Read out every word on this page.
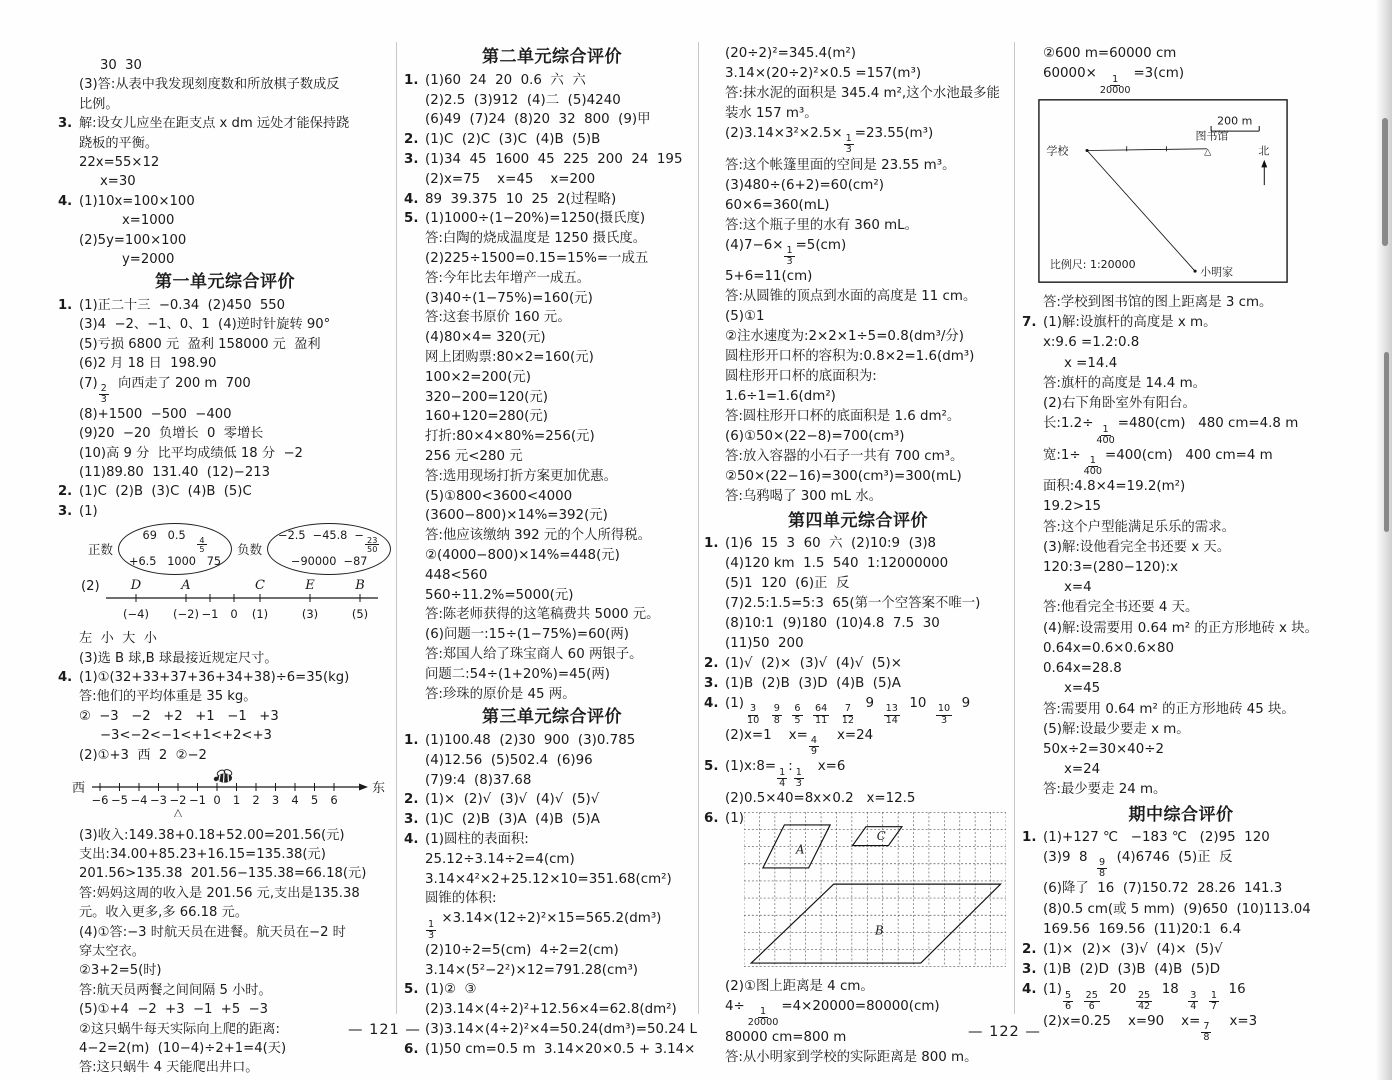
30  30
(3)答:从表中我发现刻度数和所放棋子数成反
比例。
3. 解:设女儿应坐在距支点 x dm 远处才能保持跷
跷板的平衡。
22x=55×12
x=30
4. (1)10x=100×100
x=1000
(2)5y=100×100
y=2000
第一单元综合评价
1. (1)正二十三  −0.34  (2)450  550
(3)4  −2、−1、0、1  (4)逆时针旋转 90°
(5)亏损 6800 元  盈利 158000 元  盈利
(6)2 月 18 日  198.90
(7)
$\frac{2}{3}$
向西走了 200 m  700
(8)+1500  −500  −400
(9)20  −20  负增长  0  零增长
(10)高 9 分  比平均成绩低 18 分  −2
(11)89.80  131.40  (12)−213
2. (1)C  (2)B  (3)C  (4)B  (5)C
3. (1)
正数
69   0.5
$\frac{4}{5}$
+6.5   1000   75
负数
−2.5  −45.8  −
$\frac{23}{50}$
−90000  −87
(2) D	A	C	E	B
(−4) (−2) −1 0 (1)	(3)	(5)
左  小  大  小
(3)选 B 球,B 球最接近规定尺寸。
4. (1)①(32+33+37+36+34+38)÷6=35(kg)
答:他们的平均体重是 35 kg。
②  −3   −2   +2   +1   −1   +3
−3<−2<−1<+1<+2<+3
(2)①+3  西  2  ②−2
西	东
−6 −5 −4 −3 −2 −1 0 1 2 3 4 5 6
△
(3)收入:149.38+0.18+52.00=201.56(元)
支出:34.00+85.23+16.15=135.38(元)
201.56>135.38  201.56−135.38=66.18(元)
答:妈妈这周的收入是 201.56 元,支出是135.38
元。收入更多,多 66.18 元。
(4)①答:−3 时航天员在进餐。航天员在−2 时
穿太空衣。
②3+2=5(时)
答:航天员两餐之间间隔 5 小时。
(5)①+4  −2  +3  −1  +5  −3
②这只蜗牛每天实际向上爬的距离:
4−2=2(m)  (10−4)÷2+1=4(天)
答:这只蜗牛 4 天能爬出井口。
第二单元综合评价
1. (1)60  24  20  0.6  六  六
(2)2.5  (3)912  (4)二  (5)4240
(6)49  (7)24  (8)20  32  800  (9)甲
2. (1)C  (2)C  (3)C  (4)B  (5)B
3. (1)34  45  1600  45  225  200  24  195
(2)x=75    x=45    x=200
4. 89  39.375  10  25  2(过程略)
5. (1)1000÷(1−20%)=1250(摄氏度)
答:白陶的烧成温度是 1250 摄氏度。
(2)225÷1500=0.15=15%=一成五
答:今年比去年增产一成五。
(3)40÷(1−75%)=160(元)
答:这套书原价 160 元。
(4)80×4= 320(元)
网上团购票:80×2=160(元)
100×2=200(元)
320−200=120(元)
160+120=280(元)
打折:80×4×80%=256(元)
256 元<280 元
答:选用现场打折方案更加优惠。
(5)①800<3600<4000
(3600−800)×14%=392(元)
答:他应该缴纳 392 元的个人所得税。
②(4000−800)×14%=448(元)
448<560
560÷11.2%=5000(元)
答:陈老师获得的这笔稿费共 5000 元。
(6)问题一:15÷(1−75%)=60(两)
答:郑国人给了珠宝商人 60 两银子。
问题二:54÷(1+20%)=45(两)
答:珍珠的原价是 45 两。
第三单元综合评价
1. (1)100.48  (2)30  900  (3)0.785
(4)12.56  (5)502.4  (6)96
(7)9:4  (8)37.68
2. (1)×  (2)√  (3)√  (4)√  (5)√
3. (1)C  (2)B  (3)A  (4)B  (5)A
4. (1)圆柱的表面积:
25.12÷3.14÷2=4(cm)
3.14×4²×2+25.12×10=351.68(cm²)
圆锥的体积:
$\frac{1}{3}$
×3.14×(12÷2)²×15=565.2(dm³)
(2)10÷2=5(cm)  4÷2=2(cm)
3.14×(5²−2²)×12=791.28(cm³)
5. (1)②  ③
(2)3.14×(4÷2)²+12.56×4=62.8(dm²)
(3)3.14×(4÷2)²×4=50.24(dm³)=50.24 L
6. (1)50 cm=0.5 m  3.14×20×0.5 + 3.14×
(20÷2)²=345.4(m²)
3.14×(20÷2)²×0.5 =157(m³)
答:抹水泥的面积是 345.4 m²,这个水池最多能
装水 157 m³。
(2)3.14×3²×2.5×
$\frac{1}{3}$
=23.55(m³)
答:这个帐篷里面的空间是 23.55 m³。
(3)480÷(6+2)=60(cm²)
60×6=360(mL)
答:这个瓶子里的水有 360 mL。
(4)7−6×
$\frac{1}{3}$
=5(cm)
5+6=11(cm)
答:从圆锥的顶点到水面的高度是 11 cm。
(5)①1
②注水速度为:2×2×1÷5=0.8(dm³/分)
圆柱形开口杯的容积为:0.8×2=1.6(dm³)
圆柱形开口杯的底面积为:
1.6÷1=1.6(dm²)
答:圆柱形开口杯的底面积是 1.6 dm²。
(6)①50×(22−8)=700(cm³)
答:放入容器的小石子一共有 700 cm³。
②50×(22−16)=300(cm³)=300(mL)
答:乌鸦喝了 300 mL 水。
第四单元综合评价
1. (1)6  15  3  60  六  (2)10:9  (3)8
(4)120 km  1.5  540  1:12000000
(5)1  120  (6)正  反
(7)2.5:1.5=5:3  65(第一个空答案不唯一)
(8)10:1  (9)180  (10)4.8  7.5  30
(11)50  200
2. (1)√  (2)×  (3)√  (4)√  (5)×
3. (1)B  (2)B  (3)D  (4)B  (5)A
4. (1)
$\frac{3}{10}$
$\frac{9}{8}$
$\frac{6}{5}$
$\frac{64}{11}$
$\frac{7}{12}$
9
$\frac{13}{14}$
10
$\frac{10}{3}$
9
(2)x=1    x=
$\frac{4}{9}$
x=24
5. (1)x:8=
$\frac{1}{4}$
:
$\frac{1}{3}$
x=6
(2)0.5×40=8x×0.2   x=12.5
6. (1)
A
C
B
(2)①图上距离是 4 cm。
4÷
$\frac{1}{20000}$
=4×20000=80000(cm)
80000 cm=800 m
答:从小明家到学校的实际距离是 800 m。
②600 m=60000 cm
60000×
$\frac{1}{20000}$
=3(cm)
200 m
学校
图书馆
△	北
小明家
比例尺: 1:20000
答:学校到图书馆的图上距离是 3 cm。
7. (1)解:设旗杆的高度是 x m。
x:9.6 =1.2:0.8
x =14.4
答:旗杆的高度是 14.4 m。
(2)右下角卧室外有阳台。
长:1.2÷
$\frac{1}{400}$
=480(cm)   480 cm=4.8 m
宽:1÷
$\frac{1}{400}$
=400(cm)   400 cm=4 m
面积:4.8×4=19.2(m²)
19.2>15
答:这个户型能满足乐乐的需求。
(3)解:设他看完全书还要 x 天。
120:3=(280−120):x
x=4
答:他看完全书还要 4 天。
(4)解:设需要用 0.64 m² 的正方形地砖 x 块。
0.64x=0.6×0.6×80
0.64x=28.8
x=45
答:需要用 0.64 m² 的正方形地砖 45 块。
(5)解:设最少要走 x m。
50x÷2=30×40÷2
x=24
答:最少要走 24 m。
期中综合评价
1. (1)+127 ℃   −183 ℃   (2)95  120
(3)9  8
$\frac{9}{8}$
(4)6746  (5)正  反
(6)降了  16  (7)150.72  28.26  141.3
(8)0.5 cm(或 5 mm)  (9)650  (10)113.04
169.56  169.56  (11)20:1  6.4
2. (1)×  (2)×  (3)√  (4)×  (5)√
3. (1)B  (2)D  (3)B  (4)B  (5)D
4. (1)
$\frac{5}{6}$
$\frac{25}{6}$
20
$\frac{25}{42}$
18
$\frac{3}{4}$
$\frac{1}{7}$
16
(2)x=0.25    x=90    x=
$\frac{7}{8}$
x=3
— 121 —	— 122 —
